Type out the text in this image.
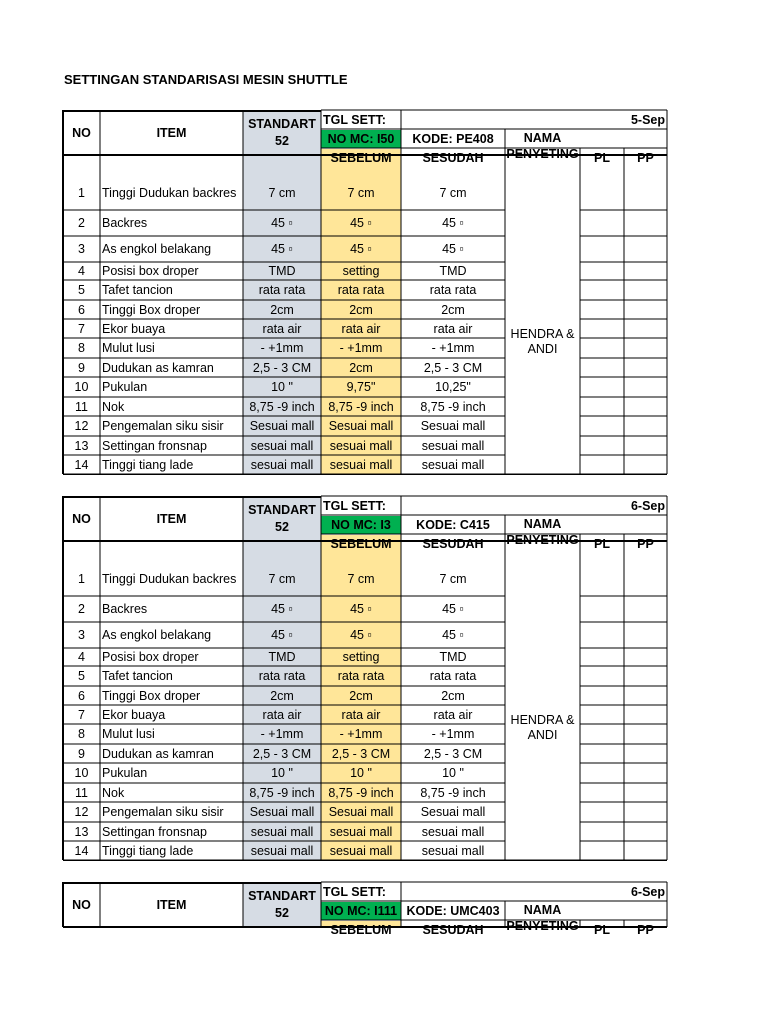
SETTINGAN STANDARISASI MESIN SHUTTLE
NO	ITEM
STANDART
52
TGL SETT:	5-Sep
NO MC: I50	KODE: PE408
SEBELUM	SESUDAH
NAMA
PENYETING	PL	PP
1	Tinggi Dudukan backres	7 cm	7 cm	7 cm
2	Backres	45 ▫	45 ▫	45 ▫
3	As engkol belakang	45 ▫	45 ▫	45 ▫
4	Posisi box droper	TMD	setting	TMD
5	Tafet tancion	rata rata	rata rata	rata rata
6	Tinggi Box droper	2cm	2cm	2cm
7	Ekor buaya	rata air	rata air	rata air
8	Mulut lusi	- +1mm	- +1mm	- +1mm
9	Dudukan as kamran	2,5 - 3 CM	2cm	2,5 - 3 CM
10	Pukulan	10 "	9,75"	10,25"
11	Nok	8,75 -9 inch	8,75 -9 inch	8,75 -9 inch
12	Pengemalan siku sisir	Sesuai mall	Sesuai mall	Sesuai mall
13	Settingan fronsnap	sesuai mall	sesuai mall	sesuai mall
14	Tinggi tiang lade	sesuai mall	sesuai mall	sesuai mall
HENDRA &
ANDI
NO	ITEM
STANDART
52
TGL SETT:	6-Sep
NO MC: I3	KODE: C415
SEBELUM	SESUDAH
NAMA
PENYETING	PL	PP
1	Tinggi Dudukan backres	7 cm	7 cm	7 cm
2	Backres	45 ▫	45 ▫	45 ▫
3	As engkol belakang	45 ▫	45 ▫	45 ▫
4	Posisi box droper	TMD	setting	TMD
5	Tafet tancion	rata rata	rata rata	rata rata
6	Tinggi Box droper	2cm	2cm	2cm
7	Ekor buaya	rata air	rata air	rata air
8	Mulut lusi	- +1mm	- +1mm	- +1mm
9	Dudukan as kamran	2,5 - 3 CM	2,5 - 3 CM	2,5 - 3 CM
10	Pukulan	10 "	10 "	10 "
11	Nok	8,75 -9 inch	8,75 -9 inch	8,75 -9 inch
12	Pengemalan siku sisir	Sesuai mall	Sesuai mall	Sesuai mall
13	Settingan fronsnap	sesuai mall	sesuai mall	sesuai mall
14	Tinggi tiang lade	sesuai mall	sesuai mall	sesuai mall
HENDRA &
ANDI
NO	ITEM
STANDART
52
TGL SETT:	6-Sep
NO MC: I111 KODE: UMC403
SEBELUM	SESUDAH
NAMA
PENYETING	PL	PP
